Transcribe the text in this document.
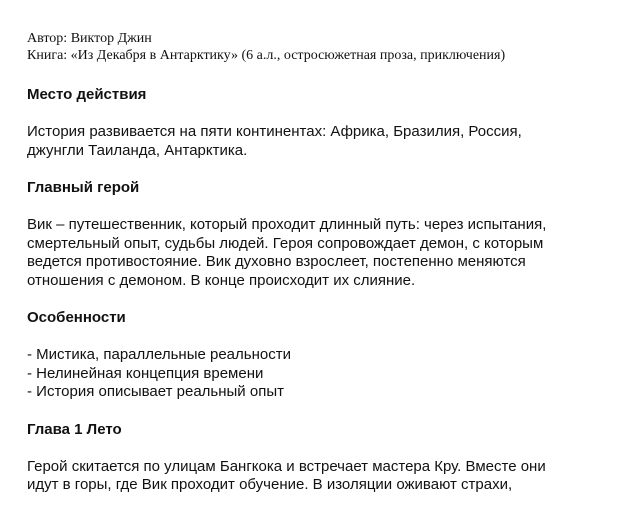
Автор: Виктор Джин

Книга: «Из Декабря в Антарктику» (6 а.л., остросюжетная проза, приключения)

Место действия

История развивается на пяти континентах: Африка, Бразилия, Россия,
джунгли Таиланда, Антарктика.

Главный герой

Вик – путешественник, который проходит длинный путь: через испытания,
смертельный опыт, судьбы людей. Героя сопровождает демон, с которым
ведется противостояние. Вик духовно взрослеет, постепенно меняются
отношения с демоном. В конце происходит их слияние.

Особенности

- Мистика, параллельные реальности
- Нелинейная концепция времени
- История описывает реальный опыт

Глава 1 Лето

Герой скитается по улицам Бангкока и встречает мастера Кру. Вместе они
идут в горы, где Вик проходит обучение. В изоляции оживают страхи,
